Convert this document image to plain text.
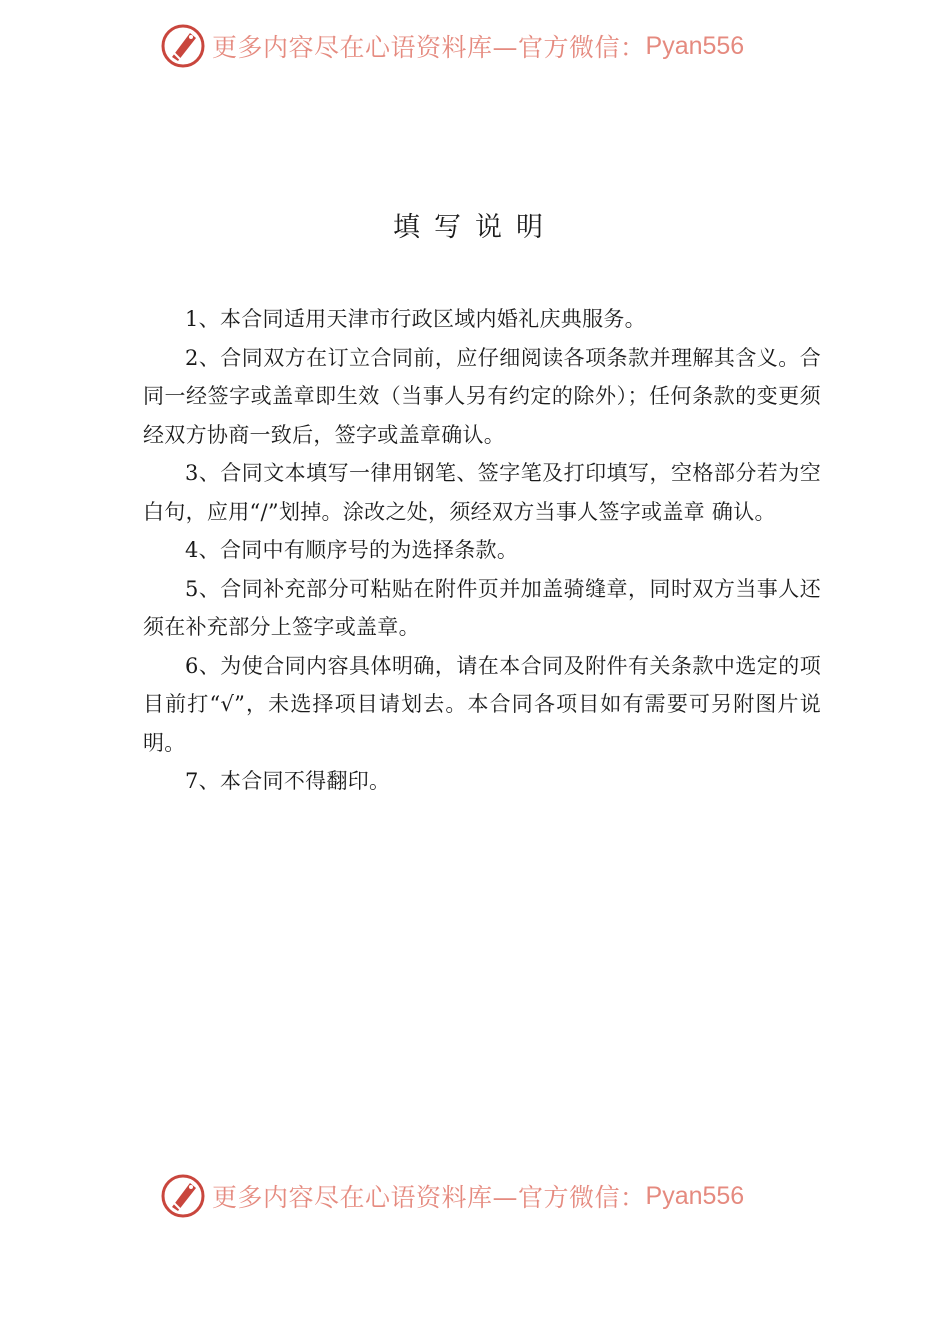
更多内容尽在心语资料库—官方微信： Pyan556
填写说明

1、本合同适用天津市行政区域内婚礼庆典服务。

2、合同双方在订立合同前，应仔细阅读各项条款并理解其含义。合同一经签字或盖章即生效（当事人另有约定的除外）；任何条款的变更须经双方协商一致后，签字或盖章确认。

3、合同文本填写一律用钢笔、签字笔及打印填写，空格部分若为空白句，应用“/”划掉。涂改之处，须经双方当事人签字或盖章 确认。

4、合同中有顺序号的为选择条款。

5、合同补充部分可粘贴在附件页并加盖骑缝章，同时双方当事人还须在补充部分上签字或盖章。

6、为使合同内容具体明确，请在本合同及附件有关条款中选定的项目前打“√”，未选择项目请划去。本合同各项目如有需要可另附图片说明。

7、本合同不得翻印。

更多内容尽在心语资料库—官方微信： Pyan556
